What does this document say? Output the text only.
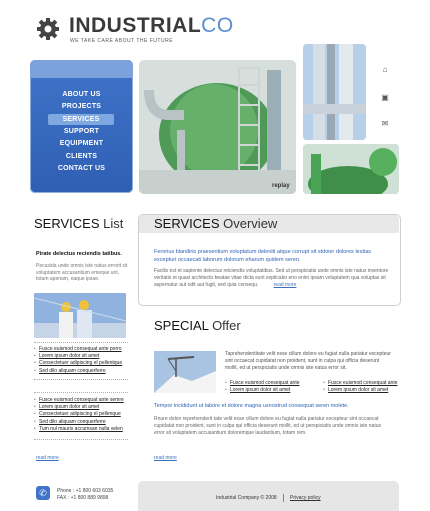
INDUSTRIALCO
WE TAKE CARE ABOUT THE FUTURE
ABOUT US
PROJECTS
SERVICES
SUPPORT
EQUIPMENT
CLIENTS
CONTACT US
replay
⌂
▣
✉
SERVICES List
Pirate delectus reciendis tatibus.
Pecusida unde omnis iste natus errorit sit voluptatem accusantium emeque unt, totam aperiam, eaque ipsae.
• Fusce euismod consequat ante porro
• Lorem ipsum dolor sit amet
• Consectetuer adipiscing el pellentque
• Sed dilo aliquam conquerferre
• Fusce euismod consequat ante semre
• Lorem ipsum dolor sit amet
• Consectetuer adipiscing el pellenque
• Sed dilo aliquam conquerferre
• Tum nul mauris accumsan nulla velen
read more
SERVICES Overview
Ferorius blandiris praesentium voluptatum deleniti atque corrupt sit stdoier dolores lestias excepturi occaecati laborum dolorum eharum quidem seren.
Facilis est et sapiente delectus reiciendis voluptatibus. Sed ut perspiciatis unde omnis iste natus inventore veritatis et quasi architecto beatae vitae dicta sunt explicabo eno enim ipsam voluptatem qua voluptas sit aspernatur aut odit aut fugit, sed quia consequ.	read more
SPECIAL Offer
Taprehendentitate velit esse cillum dolore eu fugiat nulla pariatur excepteur sint occaecat cupidatat non proident, sunt in culpa qui officia deserunt mollit, ed ut perspiciatis unde omnis iste natus error sit.
• Fusce euismod consequat ante
• Lorem ipsum dolor sit amet
• Fusce euismod consequat ante
• Lorem ipsum dolor sit amet
Tempor incididunt ut labore et dolore magna usnostrud consequat seren molete.
Rnure dolon reprehenderit tate velit esse cillum dolore eu fugiat nulla pariatur excepteur sint occaecat cupidatat non proident, sunt in culpa qui officia deserunt mollit, ed ut perspiciatis unde omnis iste natus error sit voluptatem accusantium doloremque laudantium, totam rem.
read more
✆	Phone : +1 800 603 6035
FAX : +1 800 889 9898	Industrial Company © 2008	Privacy policy
